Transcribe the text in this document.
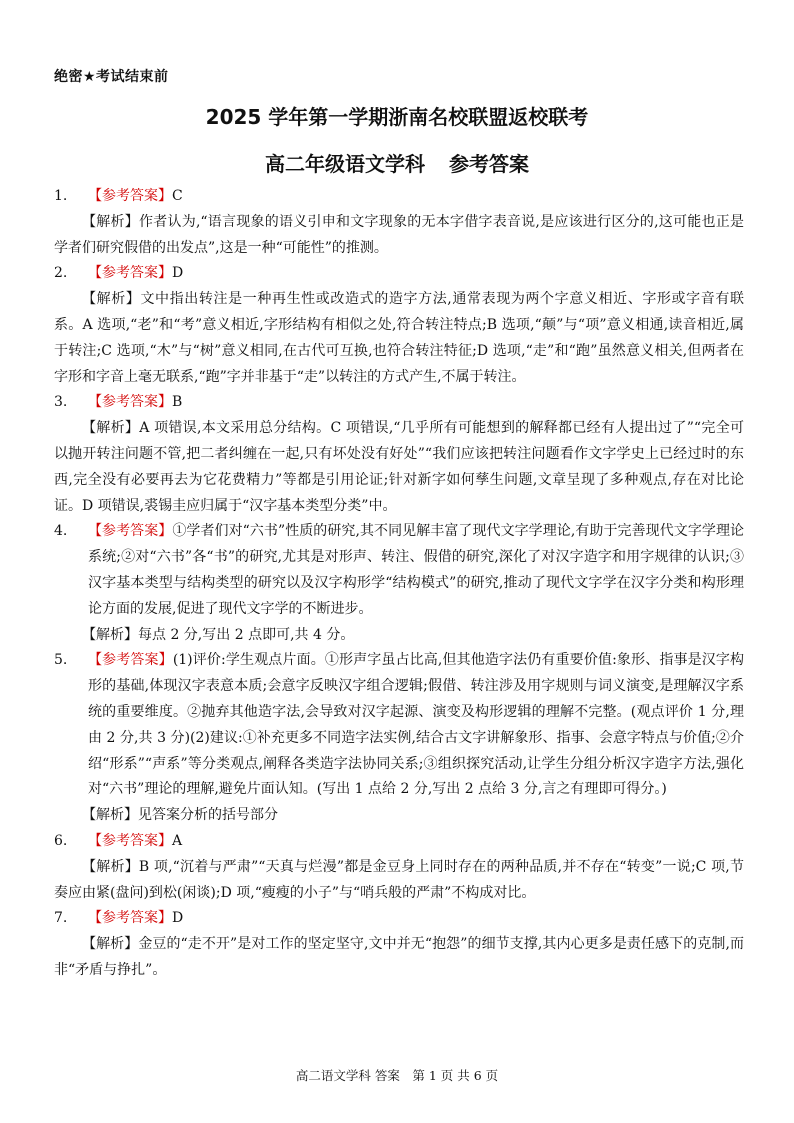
绝密★考试结束前
2025 学年第一学期浙南名校联盟返校联考
高二年级语文学科 参考答案
1. 【参考答案】C
【解析】作者认为,“语言现象的语义引申和文字现象的无本字借字表音说,是应该进行区分的,这可能也正是学者们研究假借的出发点”,这是一种“可能性”的推测。
2. 【参考答案】D
【解析】文中指出转注是一种再生性或改造式的造字方法,通常表现为两个字意义相近、字形或字音有联系。A 选项,“老”和“考”意义相近,字形结构有相似之处,符合转注特点;B 选项,“颠”与“项”意义相通,读音相近,属于转注;C 选项,“木”与“树”意义相同,在古代可互换,也符合转注特征;D 选项,“走”和“跑”虽然意义相关,但两者在字形和字音上毫无联系,“跑”字并非基于“走”以转注的方式产生,不属于转注。
3. 【参考答案】B
【解析】A 项错误,本文采用总分结构。C 项错误,“几乎所有可能想到的解释都已经有人提出过了”“完全可以抛开转注问题不管,把二者纠缠在一起,只有坏处没有好处”“我们应该把转注问题看作文字学史上已经过时的东西,完全没有必要再去为它花费精力”等都是引用论证;针对新字如何孳生问题,文章呈现了多种观点,存在对比论证。D 项错误,裘锡圭应归属于“汉字基本类型分类”中。
4. 【参考答案】①学者们对“六书”性质的研究,其不同见解丰富了现代文字学理论,有助于完善现代文字学理论系统;②对“六书”各“书”的研究,尤其是对形声、转注、假借的研究,深化了对汉字造字和用字规律的认识;③汉字基本类型与结构类型的研究以及汉字构形学“结构模式”的研究,推动了现代文字学在汉字分类和构形理论方面的发展,促进了现代文字学的不断进步。
【解析】每点 2 分,写出 2 点即可,共 4 分。
5. 【参考答案】(1)评价:学生观点片面。①形声字虽占比高,但其他造字法仍有重要价值:象形、指事是汉字构形的基础,体现汉字表意本质;会意字反映汉字组合逻辑;假借、转注涉及用字规则与词义演变,是理解汉字系统的重要维度。②抛弃其他造字法,会导致对汉字起源、演变及构形逻辑的理解不完整。(观点评价 1 分,理由 2 分,共 3 分)(2)建议:①补充更多不同造字法实例,结合古文字讲解象形、指事、会意字特点与价值;②介绍“形系”“声系”等分类观点,阐释各类造字法协同关系;③组织探究活动,让学生分组分析汉字造字方法,强化对“六书”理论的理解,避免片面认知。(写出 1 点给 2 分,写出 2 点给 3 分,言之有理即可得分。)
【解析】见答案分析的括号部分
6. 【参考答案】A
【解析】B 项,“沉着与严肃”“天真与烂漫”都是金豆身上同时存在的两种品质,并不存在“转变”一说;C 项,节奏应由紧(盘问)到松(闲谈);D 项,“瘦瘦的小子”与“哨兵般的严肃”不构成对比。
7. 【参考答案】D
【解析】金豆的“走不开”是对工作的坚定坚守,文中并无“抱怨”的细节支撑,其内心更多是责任感下的克制,而非“矛盾与挣扎”。
高二语文学科 答案　第 1 页 共 6 页
